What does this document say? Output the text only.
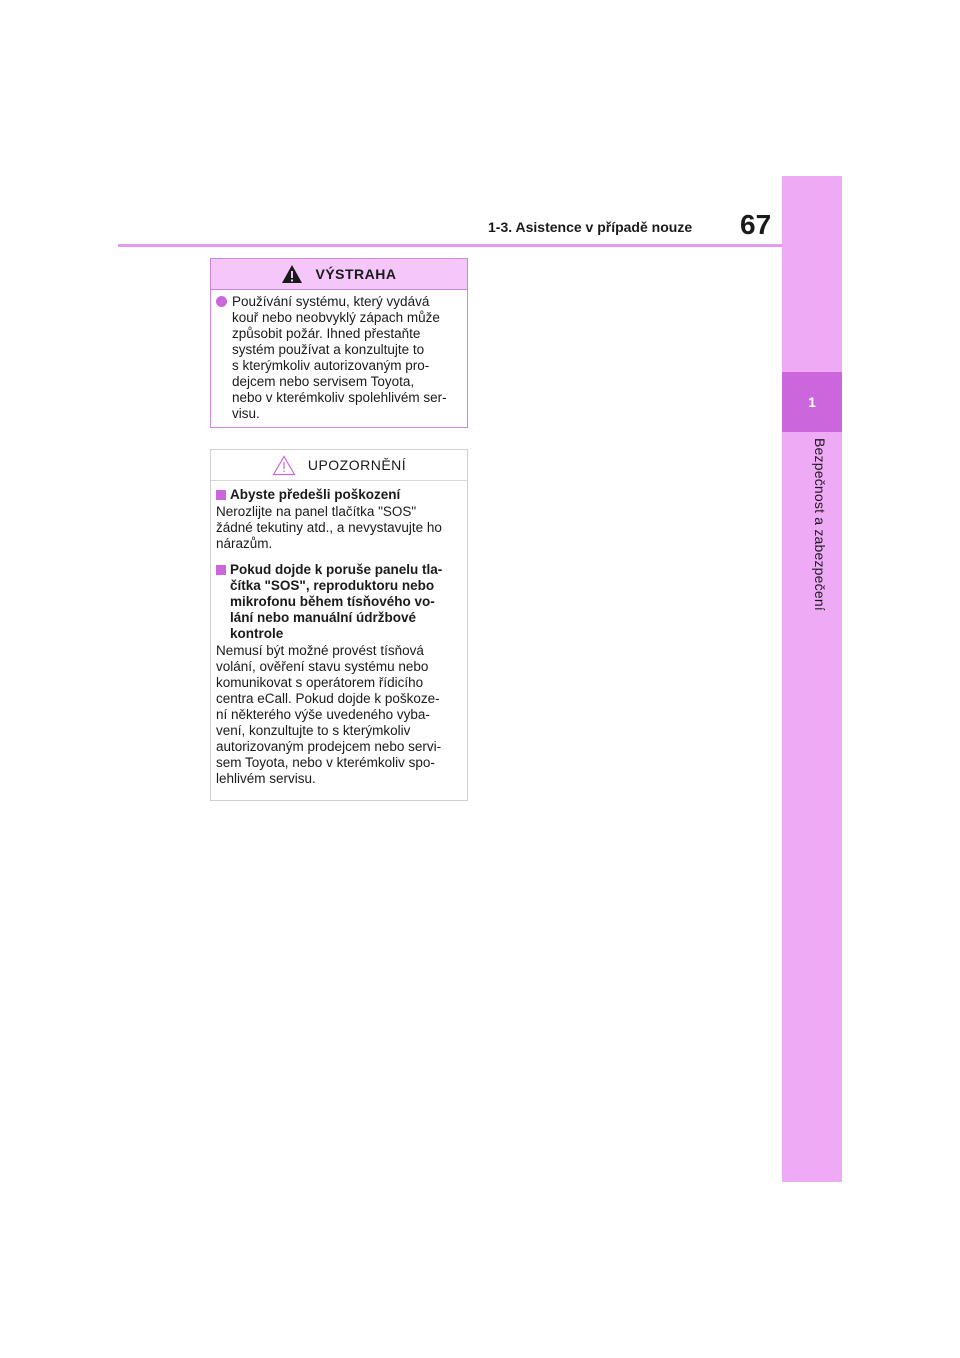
1
Bezpečnost a zabezpečení
1-3. Asistence v případě nouze 67
VÝSTRAHA
Používání systému, který vydává
kouř nebo neobvyklý zápach může
způsobit požár. Ihned přestaňte
systém používat a konzultujte to
s kterýmkoliv autorizovaným pro-
dejcem nebo servisem Toyota,
nebo v kterémkoliv spolehlivém ser-
visu.
UPOZORNĚNÍ
Abyste předešli poškození
Nerozlijte na panel tlačítka "SOS"
žádné tekutiny atd., a nevystavujte ho
nárazům.
Pokud dojde k poruše panelu tla-
čítka "SOS", reproduktoru nebo
mikrofonu během tísňového vo-
lání nebo manuální údržbové
kontrole
Nemusí být možné provést tísňová
volání, ověření stavu systému nebo
komunikovat s operátorem řídicího
centra eCall. Pokud dojde k poškoze-
ní některého výše uvedeného vyba-
vení, konzultujte to s kterýmkoliv
autorizovaným prodejcem nebo servi-
sem Toyota, nebo v kterémkoliv spo-
lehlivém servisu.
